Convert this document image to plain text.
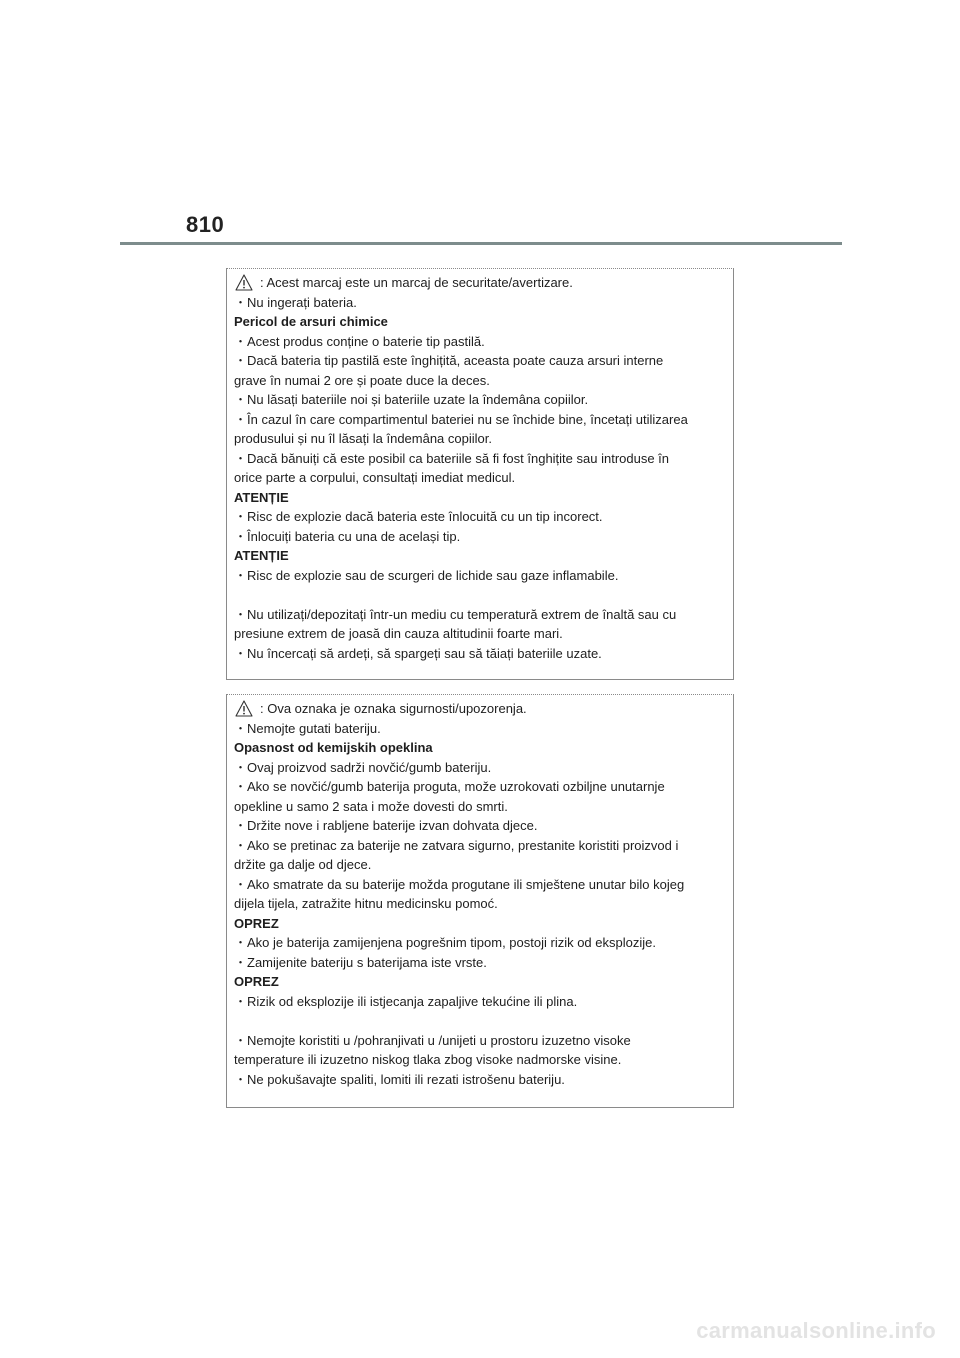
810
: Acest marcaj este un marcaj de securitate/avertizare.
・Nu ingerați bateria.
Pericol de arsuri chimice
・Acest produs conține o baterie tip pastilă.
・Dacă bateria tip pastilă este înghițită, aceasta poate cauza arsuri interne
grave în numai 2 ore și poate duce la deces.
・Nu lăsați bateriile noi și bateriile uzate la îndemâna copiilor.
・În cazul în care compartimentul bateriei nu se închide bine, încetați utilizarea
produsului și nu îl lăsați la îndemâna copiilor.
・Dacă bănuiți că este posibil ca bateriile să fi fost înghițite sau introduse în
orice parte a corpului, consultați imediat medicul.
ATENȚIE
・Risc de explozie dacă bateria este înlocuită cu un tip incorect.
・Înlocuiți bateria cu una de același tip.
ATENȚIE
・Risc de explozie sau de scurgeri de lichide sau gaze inflamabile.
・Nu utilizați/depozitați într-un mediu cu temperatură extrem de înaltă sau cu
presiune extrem de joasă din cauza altitudinii foarte mari.
・Nu încercați să ardeți, să spargeți sau să tăiați bateriile uzate.
: Ova oznaka je oznaka sigurnosti/upozorenja.
・Nemojte gutati bateriju.
Opasnost od kemijskih opeklina
・Ovaj proizvod sadrži novčić/gumb bateriju.
・Ako se novčić/gumb baterija proguta, može uzrokovati ozbiljne unutarnje
opekline u samo 2 sata i može dovesti do smrti.
・Držite nove i rabljene baterije izvan dohvata djece.
・Ako se pretinac za baterije ne zatvara sigurno, prestanite koristiti proizvod i
držite ga dalje od djece.
・Ako smatrate da su baterije možda progutane ili smještene unutar bilo kojeg
dijela tijela, zatražite hitnu medicinsku pomoć.
OPREZ
・Ako je baterija zamijenjena pogrešnim tipom, postoji rizik od eksplozije.
・Zamijenite bateriju s baterijama iste vrste.
OPREZ
・Rizik od eksplozije ili istjecanja zapaljive tekućine ili plina.
・Nemojte koristiti u /pohranjivati u /unijeti u prostoru izuzetno visoke
temperature ili izuzetno niskog tlaka zbog visoke nadmorske visine.
・Ne pokušavajte spaliti, lomiti ili rezati istrošenu bateriju.
carmanualsonline.info
